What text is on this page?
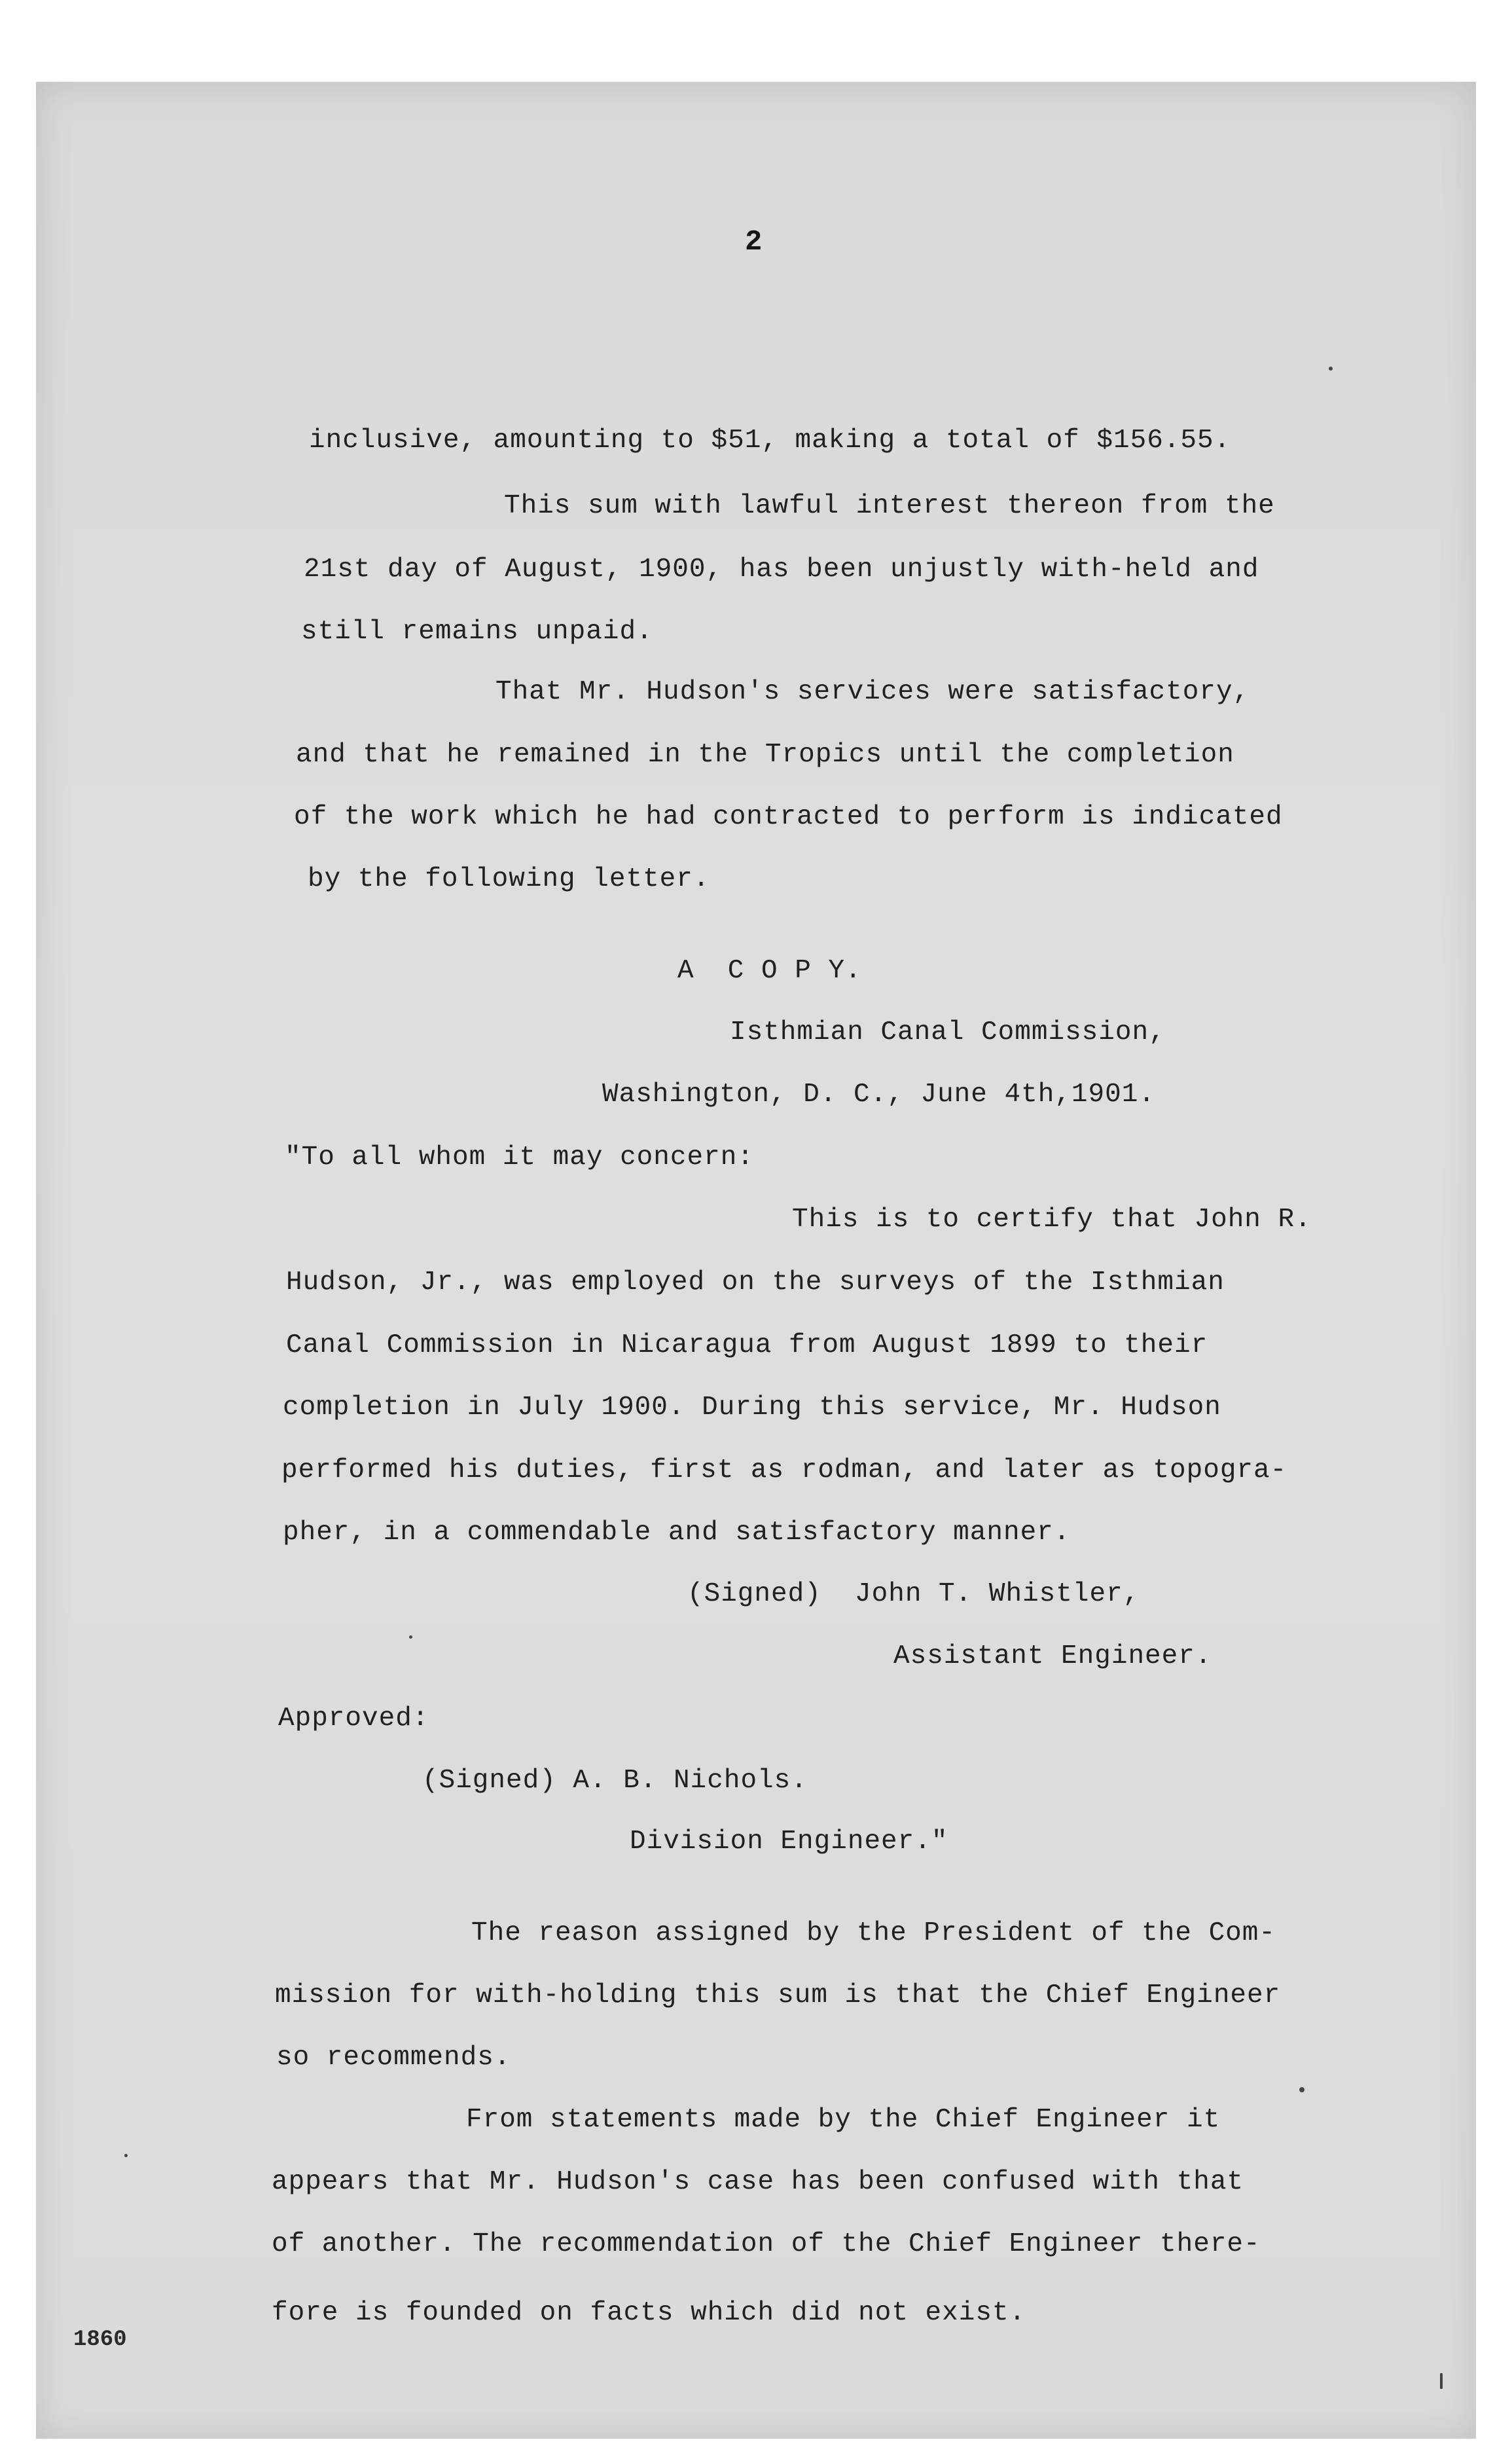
2
inclusive, amounting to $51, making a total of $156.55.
This sum with lawful interest thereon from the
21st day of August, 1900, has been unjustly with-held and
still remains unpaid.
That Mr. Hudson's services were satisfactory,
and that he remained in the Tropics until the completion
of the work which he had contracted to perform is indicated
by the following letter.
A  C O P Y.
Isthmian Canal Commission,
Washington, D. C., June 4th,1901.
"To all whom it may concern:
This is to certify that John R.
Hudson, Jr., was employed on the surveys of the Isthmian
Canal Commission in Nicaragua from August 1899 to their
completion in July 1900. During this service, Mr. Hudson
performed his duties, first as rodman, and later as topogra-
pher, in a commendable and satisfactory manner.
(Signed)  John T. Whistler,
Assistant Engineer.
Approved:
(Signed) A. B. Nichols.
Division Engineer."
The reason assigned by the President of the Com-
mission for with-holding this sum is that the Chief Engineer
so recommends.
From statements made by the Chief Engineer it
appears that Mr. Hudson's case has been confused with that
of another. The recommendation of the Chief Engineer there-
fore is founded on facts which did not exist.
1860
